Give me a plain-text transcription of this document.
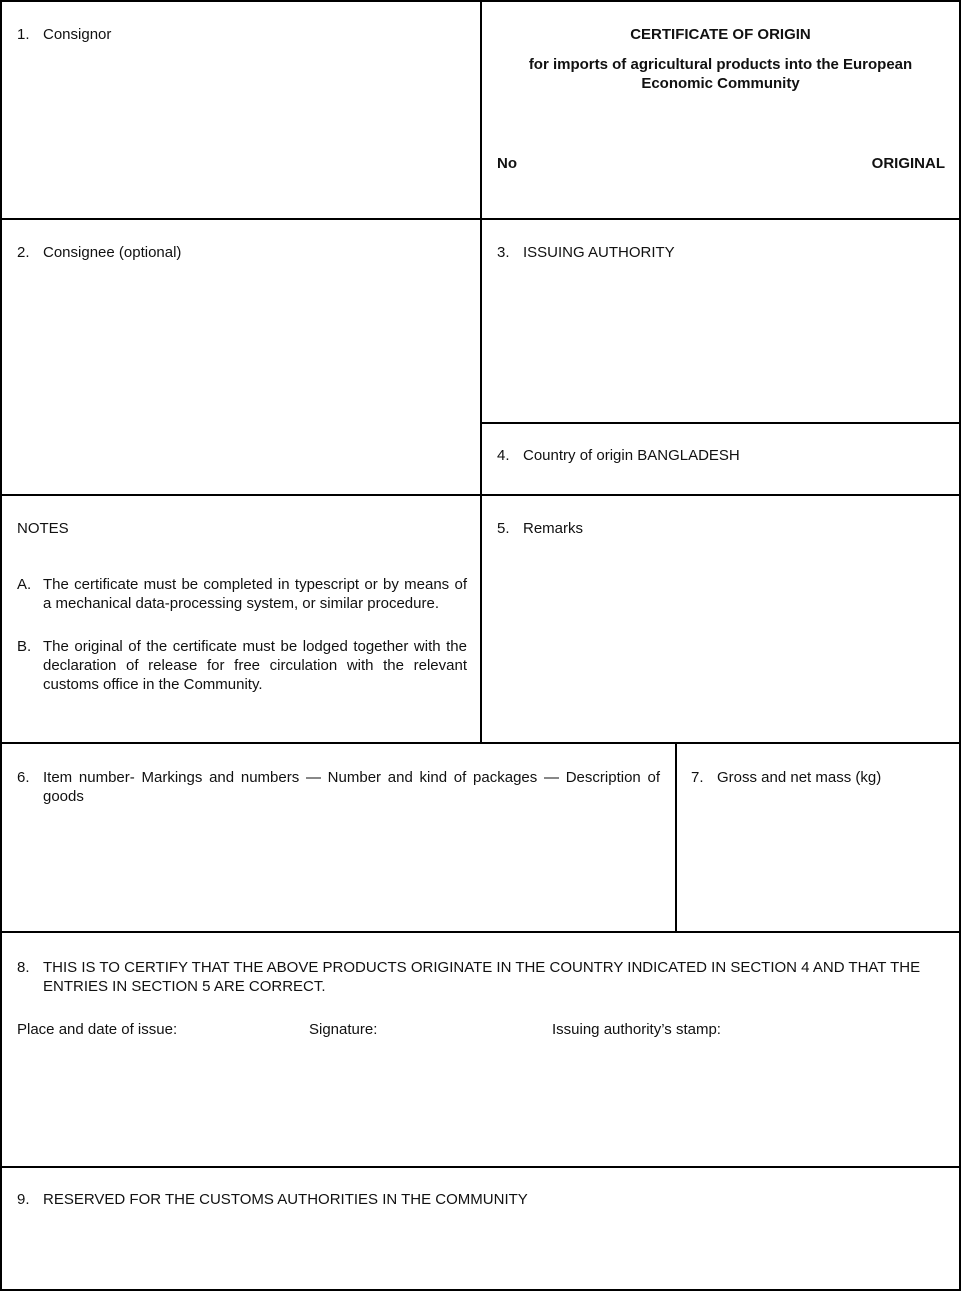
1. Consignor	CERTIFICATE OF ORIGIN
for imports of agricultural products into the European Economic Community
No	ORIGINAL
2. Consignee (optional)	3. ISSUING AUTHORITY
4. Country of origin BANGLADESH
NOTES
A. The certificate must be completed in typescript or by means of a mechanical data-processing system, or similar procedure.
B. The original of the certificate must be lodged together with the declaration of release for free circulation with the relevant customs office in the Community.
5. Remarks
6. Item number- Markings and numbers — Number and kind of packages — Description of goods
7. Gross and net mass (kg)
8. THIS IS TO CERTIFY THAT THE ABOVE PRODUCTS ORIGINATE IN THE COUNTRY INDICATED IN SECTION 4 AND THAT THE ENTRIES IN SECTION 5 ARE CORRECT.
Place and date of issue:	Signature:	Issuing authority’s stamp:
9. RESERVED FOR THE CUSTOMS AUTHORITIES IN THE COMMUNITY
